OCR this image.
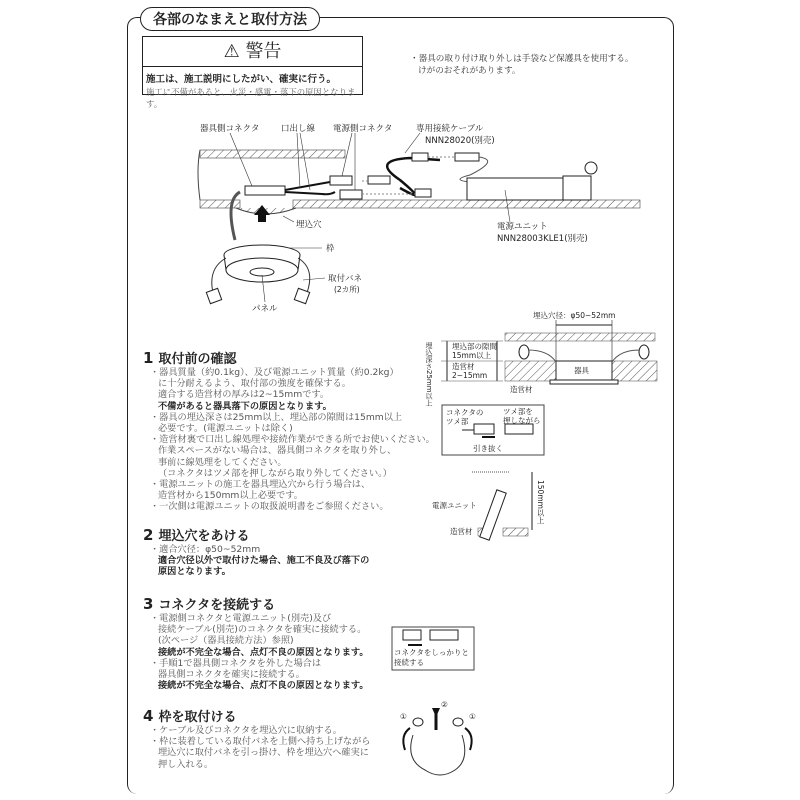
各部のなまえと取付方法
⚠ 警告
施工は、施工説明にしたがい、確実に行う。
施工に不備があると、火災・感電・落下の原因となります。
・器具の取り付け取り外しは手袋など保護具を使用する。
けがのおそれがあります。
器具側コネクタ	口出し線 電源側コネクタ	専用接続ケーブル
NNN28020(別売)
埋込穴	電源ユニット
NNN28003KLE1(別売)
枠
取付バネ
(2カ所)
パネル
埋込穴径：φ50~52mm
埋込部の隙間
15mm以上
造営材
2~15mm
埋込深さ25mm以上	器具
造営材
コネクタの
ツメ部
ツメ部を
押しながら
引き抜く
電源ユニット	150mm以上
造営材
コネクタをしっかりと
接続する
①	①
②
1 取付前の確認
・器具質量（約0.1kg）、及び電源ユニット質量（約0.2kg）
に十分耐えるよう、取付部の強度を確保する。
適合する造営材の厚みは2~15mmです。
不備があると器具落下の原因となります。
・器具の埋込深さは25mm以上、埋込部の隙間は15mm以上
必要です。(電源ユニットは除く)
・造営材裏で口出し線処理や接続作業ができる所でお使いください。
作業スペースがない場合は、器具側コネクタを取り外し、
事前に線処理をしてください。
（コネクタはツメ部を押しながら取り外してください。）
・電源ユニットの施工を器具埋込穴から行う場合は、
造営材から150mm以上必要です。
・一次側は電源ユニットの取扱説明書をご参照ください。
2 埋込穴をあける
・適合穴径：φ50~52mm
適合穴径以外で取付けた場合、施工不良及び落下の
原因となります。
3 コネクタを接続する
・電源側コネクタと電源ユニット(別売)及び
接続ケーブル(別売)のコネクタを確実に接続する。
(次ページ（器具接続方法）参照)
接続が不完全な場合、点灯不良の原因となります。
・手順1で器具側コネクタを外した場合は
器具側コネクタを確実に接続する。
接続が不完全な場合、点灯不良の原因となります。
4 枠を取付ける
・ケーブル及びコネクタを埋込穴に収納する。
・枠に装着している取付バネを上側へ持ち上げながら
埋込穴に取付バネを引っ掛け、枠を埋込穴へ確実に
押し入れる。
